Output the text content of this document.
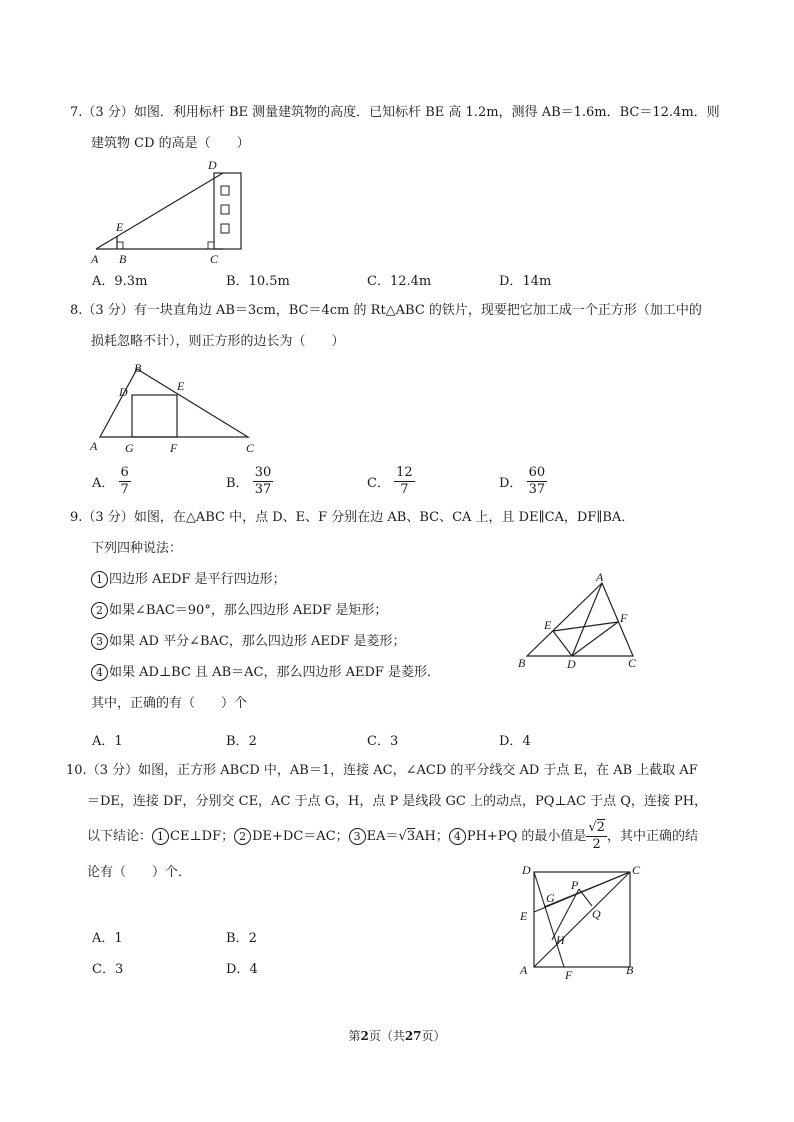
7.（3 分）如图．利用标杆 BE 测量建筑物的高度．已知标杆 BE 高 1.2m，测得 AB＝1.6m．BC＝12.4m．则
建筑物 CD 的高是（　　）
D
E
A B	C
A．9.3m	B．10.5m	C．12.4m	D．14m
8.（3 分）有一块直角边 AB＝3cm，BC＝4cm 的 Rt△ABC 的铁片，现要把它加工成一个正方形（加工中的
损耗忽略不计），则正方形的边长为（　　）
B
D	E
A G	F	C
A． $\frac{6}{7}$	B． $\frac{30}{37}$	C． $\frac{12}{7}$	D． $\frac{60}{37}$
9.（3 分）如图，在△ABC 中，点 D、E、F 分别在边 AB、BC、CA 上，且 DE∥CA，DF∥BA．
下列四种说法：
1 四边形 AEDF 是平行四边形；
2 如果∠BAC＝90°，那么四边形 AEDF 是矩形；
3 如果 AD 平分∠BAC，那么四边形 AEDF 是菱形；
4 如果 AD⊥BC 且 AB＝AC，那么四边形 AEDF 是菱形．
其中，正确的有（　　）个
A
F
E
B	D	C
A．1	B．2	C．3	D．4
10.（3 分）如图，正方形 ABCD 中，AB＝1，连接 AC，∠ACD 的平分线交 AD 于点 E，在 AB 上截取 AF
＝DE，连接 DF，分别交 CE，AC 于点 G，H，点 P 是线段 GC 上的动点，PQ⊥AC 于点 Q，连接 PH，
以下结论： 1 CE⊥DF； 2 DE+DC＝AC； 3 EA＝√3AH； 4 PH+PQ 的最小值是 $\frac{√2}{2}$ ，其中正确的结
论有（　　）个．	D	C
P
G
E	Q
H
A	F	B
A．1	B．2
C．3	D．4
第2页（共27页）
